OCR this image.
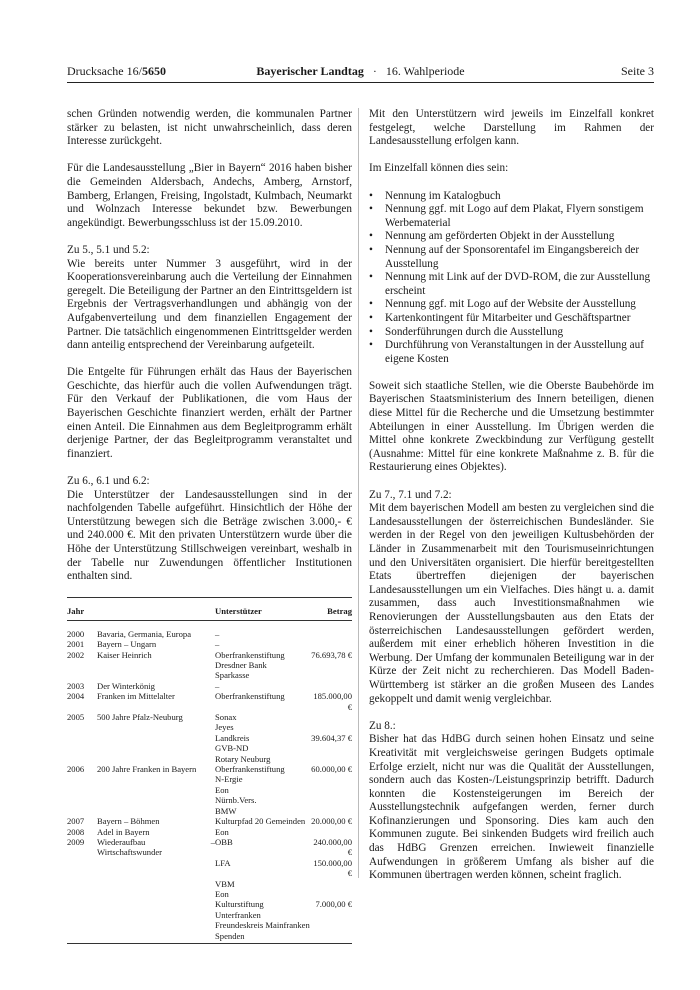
Drucksache 16/5650	Bayerischer Landtag · 16. Wahlperiode	Seite 3

schen Gründen notwendig werden, die kommunalen Partner stärker zu belasten, ist nicht unwahrscheinlich, dass deren Interesse zurückgeht.

Für die Landesausstellung „Bier in Bayern“ 2016 haben bisher die Gemeinden Aldersbach, Andechs, Amberg, Arnstorf, Bamberg, Erlangen, Freising, Ingolstadt, Kulmbach, Neumarkt und Wolnzach Interesse bekundet bzw. Bewerbungen angekündigt. Bewerbungsschluss ist der 15.09.2010.

Zu 5., 5.1 und 5.2:

Wie bereits unter Nummer 3 ausgeführt, wird in der Kooperationsvereinbarung auch die Verteilung der Einnahmen geregelt. Die Beteiligung der Partner an den Eintrittsgeldern ist Ergebnis der Vertragsverhandlungen und abhängig von der Aufgabenverteilung und dem finanziellen Engagement der Partner. Die tatsächlich eingenommenen Eintrittsgelder werden dann anteilig entsprechend der Vereinbarung aufgeteilt.

Die Entgelte für Führungen erhält das Haus der Bayerischen Geschichte, das hierfür auch die vollen Aufwendungen trägt. Für den Verkauf der Publikationen, die vom Haus der Bayerischen Geschichte finanziert werden, erhält der Partner einen Anteil. Die Einnahmen aus dem Begleitprogramm erhält derjenige Partner, der das Begleitprogramm veranstaltet und finanziert.

Zu 6., 6.1 und 6.2:

Die Unterstützer der Landesausstellungen sind in der nachfolgenden Tabelle aufgeführt. Hinsichtlich der Höhe der Unterstützung bewegen sich die Beträge zwischen 3.000,- € und 240.000 €. Mit den privaten Unterstützern wurde über die Höhe der Unterstützung Stillschweigen vereinbart, weshalb in der Tabelle nur Zuwendungen öffentlicher Institutionen enthalten sind.

Jahr		Unterstützer	Betrag

2000	Bavaria, Germania, Europa	–	
2001	Bayern – Ungarn	–	
2002	Kaiser Heinrich	Oberfrankenstiftung	76.693,78 €
		Dresdner Bank	
		Sparkasse	
2003	Der Winterkönig	–	
2004	Franken im Mittelalter	Oberfrankenstiftung	185.000,00 €
2005	500 Jahre Pfalz-Neuburg	Sonax	
		Jeyes	
		Landkreis	39.604,37 €
		GVB-ND	
		Rotary Neuburg	
2006	200 Jahre Franken in Bayern	Oberfrankenstiftung	60.000,00 €
		N-Ergie	
		Eon	
		Nürnb.Vers.	
		BMW	
2007	Bayern – Böhmen	Kulturpfad 20 Gemeinden	20.000,00 €
2008	Adel in Bayern	Eon	
2009	Wiederaufbau – Wirtschaftswunder	OBB	240.000,00 €
		LFA	150.000,00 €
		VBM	
		Eon	
		Kulturstiftung Unterfranken	7.000,00 €
		Freundeskreis Mainfranken	
		Spenden	

Mit den Unterstützern wird jeweils im Einzelfall konkret festgelegt, welche Darstellung im Rahmen der Landesausstellung erfolgen kann.

Im Einzelfall können dies sein:

• Nennung im Katalogbuch
• Nennung ggf. mit Logo auf dem Plakat, Flyern sonstigem Werbematerial
• Nennung am geförderten Objekt in der Ausstellung
• Nennung auf der Sponsorentafel im Eingangsbereich der Ausstellung
• Nennung mit Link auf der DVD-ROM, die zur Ausstellung erscheint
• Nennung ggf. mit Logo auf der Website der Ausstellung
• Kartenkontingent für Mitarbeiter und Geschäftspartner
• Sonderführungen durch die Ausstellung
• Durchführung von Veranstaltungen in der Ausstellung auf eigene Kosten

Soweit sich staatliche Stellen, wie die Oberste Baubehörde im Bayerischen Staatsministerium des Innern beteiligen, dienen diese Mittel für die Recherche und die Umsetzung bestimmter Abteilungen in einer Ausstellung. Im Übrigen werden die Mittel ohne konkrete Zweckbindung zur Verfügung gestellt (Ausnahme: Mittel für eine konkrete Maßnahme z. B. für die Restaurierung eines Objektes).

Zu 7., 7.1 und 7.2:

Mit dem bayerischen Modell am besten zu vergleichen sind die Landesausstellungen der österreichischen Bundesländer. Sie werden in der Regel von den jeweiligen Kultusbehörden der Länder in Zusammenarbeit mit den Tourismuseinrichtungen und den Universitäten organisiert. Die hierfür bereitgestellten Etats übertreffen diejenigen der bayerischen Landesausstellungen um ein Vielfaches. Dies hängt u. a. damit zusammen, dass auch Investitionsmaßnahmen wie Renovierungen der Ausstellungsbauten aus den Etats der österreichischen Landesausstellungen gefördert werden, außerdem mit einer erheblich höheren Investition in die Werbung. Der Umfang der kommunalen Beteiligung war in der Kürze der Zeit nicht zu recherchieren. Das Modell Baden-Württemberg ist stärker an die großen Museen des Landes gekoppelt und damit wenig vergleichbar.

Zu 8.:

Bisher hat das HdBG durch seinen hohen Einsatz und seine Kreativität mit vergleichsweise geringen Budgets optimale Erfolge erzielt, nicht nur was die Qualität der Ausstellungen, sondern auch das Kosten-/Leistungsprinzip betrifft. Dadurch konnten die Kostensteigerungen im Bereich der Ausstellungstechnik aufgefangen werden, ferner durch Kofinanzierungen und Sponsoring. Dies kam auch den Kommunen zugute. Bei sinkenden Budgets wird freilich auch das HdBG Grenzen erreichen. Inwieweit finanzielle Aufwendungen in größerem Umfang als bisher auf die Kommunen übertragen werden können, scheint fraglich.
